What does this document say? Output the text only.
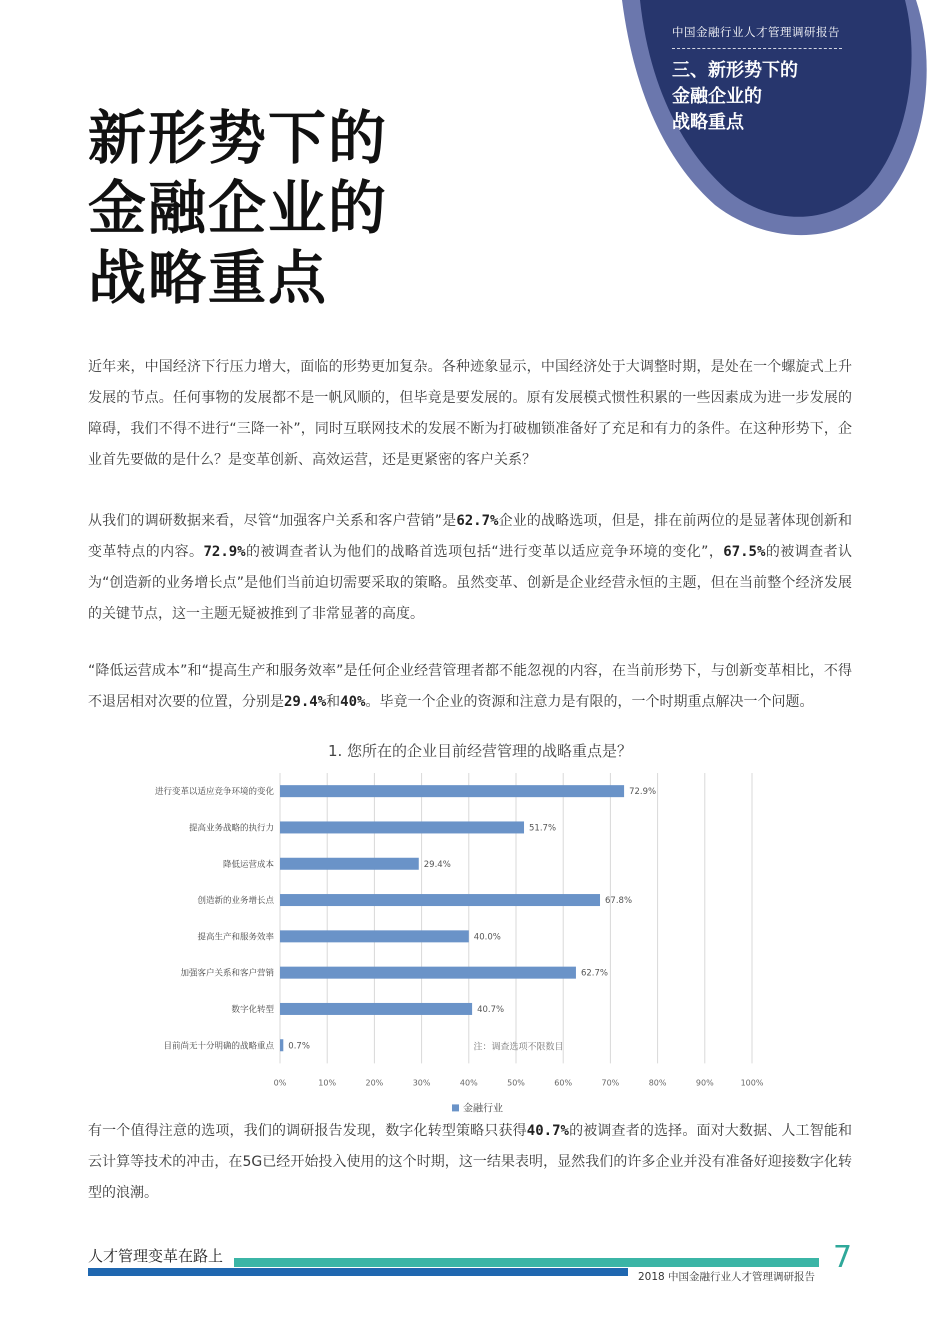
中国金融行业人才管理调研报告
三、新形势下的
金融企业的
战略重点
新形势下的
金融企业的
战略重点
近年来，中国经济下行压力增大，面临的形势更加复杂。各种迹象显示，中国经济处于大调整时期，是处在一个螺旋式上升发展的节点。任何事物的发展都不是一帆风顺的，但毕竟是要发展的。原有发展模式惯性积累的一些因素成为进一步发展的障碍，我们不得不进行“三降一补”，同时互联网技术的发展不断为打破枷锁准备好了充足和有力的条件。在这种形势下，企业首先要做的是什么？是变革创新、高效运营，还是更紧密的客户关系？
从我们的调研数据来看，尽管“加强客户关系和客户营销”是62.7%企业的战略选项，但是，排在前两位的是显著体现创新和变革特点的内容。72.9%的被调查者认为他们的战略首选项包括“进行变革以适应竞争环境的变化”，67.5%的被调查者认为“创造新的业务增长点”是他们当前迫切需要采取的策略。虽然变革、创新是企业经营永恒的主题，但在当前整个经济发展的关键节点，这一主题无疑被推到了非常显著的高度。
“降低运营成本”和“提高生产和服务效率”是任何企业经营管理者都不能忽视的内容，在当前形势下，与创新变革相比，不得不退居相对次要的位置，分别是29.4%和40%。毕竟一个企业的资源和注意力是有限的，一个时期重点解决一个问题。
1. 您所在的企业目前经营管理的战略重点是？
0%	10%	20%	30%	40%	50%	60%	70%	80%	90%	100%
进行变革以适应竞争环境的变化	72.9%
提高业务战略的执行力	51.7%
降低运营成本	29.4%
创造新的业务增长点	67.8%
提高生产和服务效率	40.0%
加强客户关系和客户营销	62.7%
数字化转型	40.7%
目前尚无十分明确的战略重点 0.7%	注：调查选项不限数目
金融行业
有一个值得注意的选项，我们的调研报告发现，数字化转型策略只获得40.7%的被调查者的选择。面对大数据、人工智能和云计算等技术的冲击，在5G已经开始投入使用的这个时期，这一结果表明，显然我们的许多企业并没有准备好迎接数字化转型的浪潮。
人才管理变革在路上
2018 中国金融行业人才管理调研报告
7
